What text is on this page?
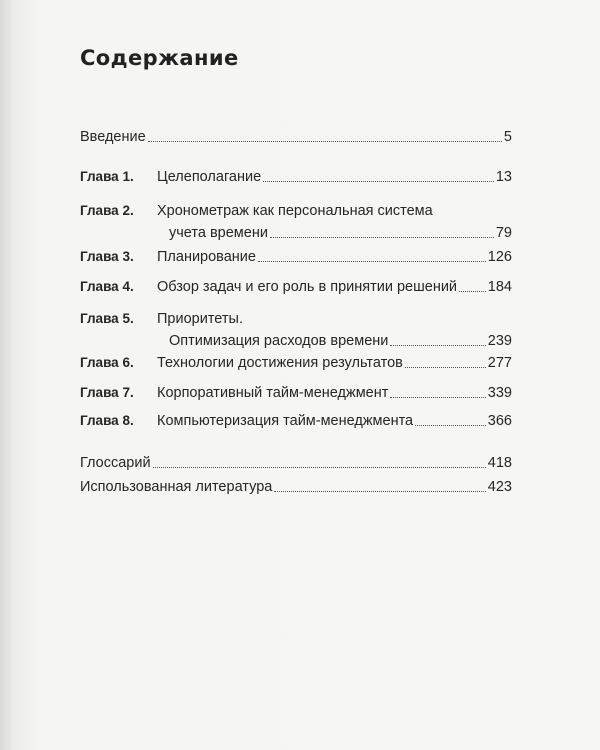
Содержание
Введение	5
Глава 1.	Целеполагание	13
Глава 2.	Хронометраж как персональная система
учета времени	79
Глава 3.	Планирование	126
Глава 4.	Обзор задач и его роль в принятии решений 184
Глава 5.	Приоритеты.
Оптимизация расходов времени	239
Глава 6.	Технологии достижения результатов	277
Глава 7.	Корпоративный тайм-менеджмент	339
Глава 8.	Компьютеризация тайм-менеджмента	366
Глоссарий	418
Использованная литература	423
